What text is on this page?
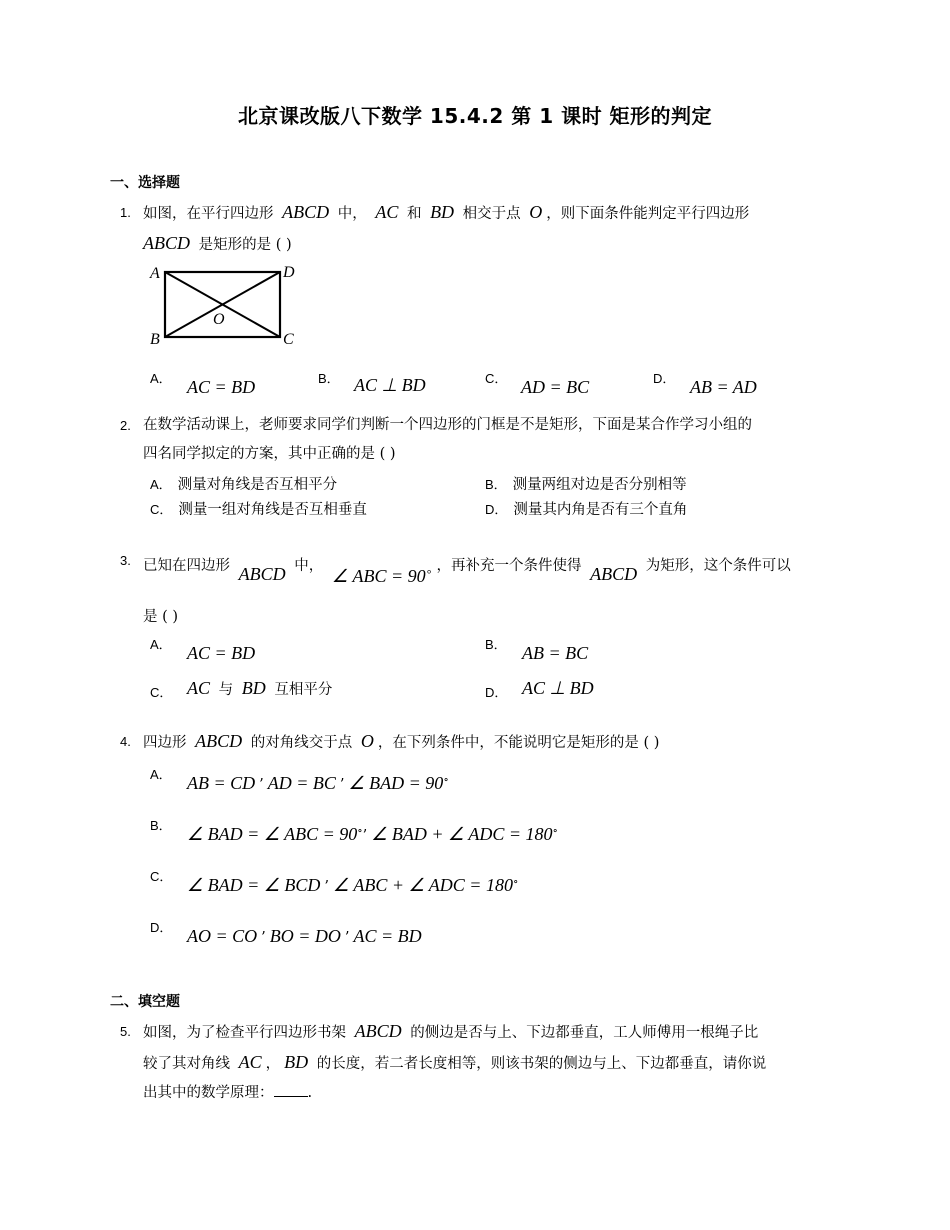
北京课改版八下数学 15.4.2 第 1 课时 矩形的判定
一、选择题
1. 如图，在平行四边形 ABCD 中， AC 和 BD 相交于点 O ，则下面条件能判定平行四边形
ABCD 是矩形的是 ( )
A	D
B	C
O
A． AC = BD	B． AC ⊥ BD	C． AD = BC	D． AB = AD
2. 在数学活动课上，老师要求同学们判断一个四边形的门框是不是矩形，下面是某合作学习小组的
四名同学拟定的方案，其中正确的是 ( )
A． 测量对角线是否互相平分	B． 测量两组对边是否分别相等
C． 测量一组对角线是否互相垂直	D． 测量其内角是否有三个直角
3. 已知在四边形 ABCD 中， ∠ ABC = 90∘ ，再补充一个条件使得 ABCD 为矩形，这个条件可以
是 ( )
A． AC = BD	B． AB = BC
C． AC 与 BD 互相平分	D． AC ⊥ BD
4. 四边形 ABCD 的对角线交于点 O ，在下列条件中，不能说明它是矩形的是 ( )
A． AB = CD ’ AD = BC ’ ∠ BAD = 90∘
B． ∠ BAD = ∠ ABC = 90∘’ ∠ BAD + ∠ ADC = 180∘
C． ∠ BAD = ∠ BCD ’ ∠ ABC + ∠ ADC = 180∘
D． AO = CO ’ BO = DO ’ AC = BD
二、填空题
5. 如图，为了检查平行四边形书架 ABCD 的侧边是否与上、下边都垂直，工人师傅用一根绳子比
较了其对角线 AC ， BD 的长度，若二者长度相等，则该书架的侧边与上、下边都垂直，请你说
出其中的数学原理： .
